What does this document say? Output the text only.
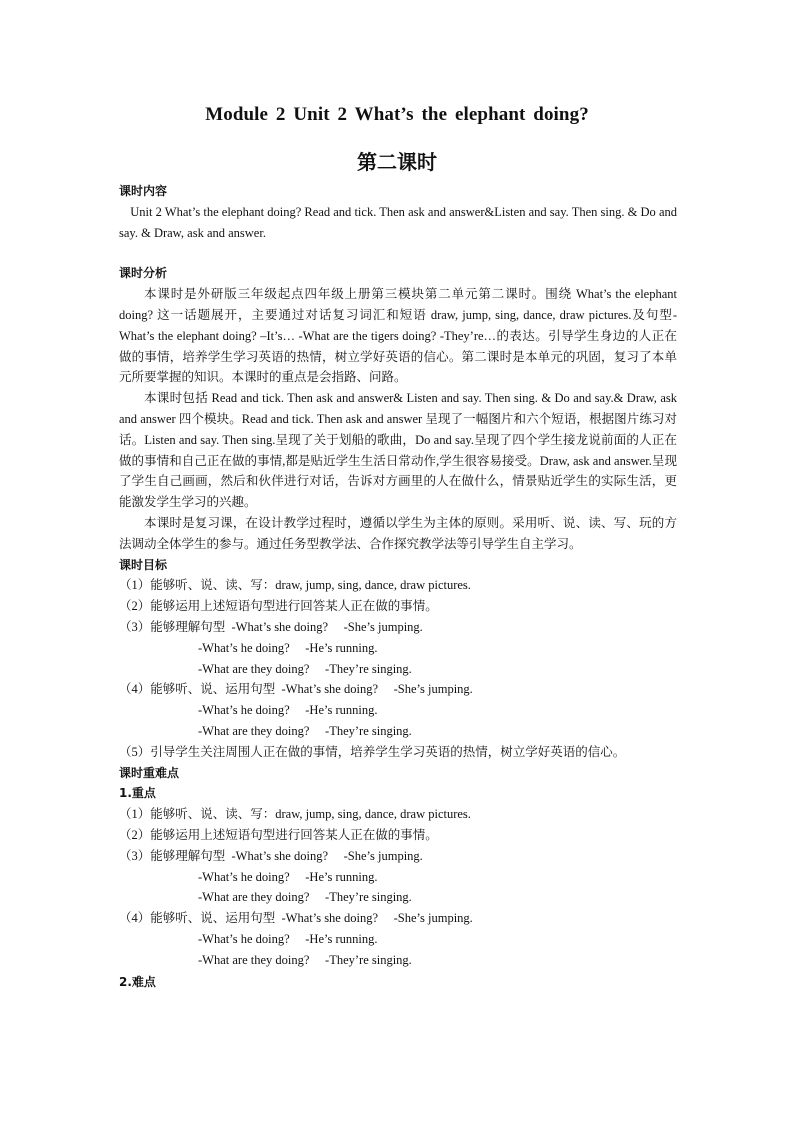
Module 2 Unit 2 What’s the elephant doing?
第二课时
课时内容
Unit 2 What’s the elephant doing? Read and tick. Then ask and answer&Listen and say. Then sing. & Do and say. & Draw, ask and answer.
课时分析
本课时是外研版三年级起点四年级上册第三模块第二单元第二课时。围绕 What’s the elephant doing? 这一话题展开，主要通过对话复习词汇和短语 draw, jump, sing, dance, draw pictures.及句型-What’s the elephant doing? –It’s… -What are the tigers doing? -They’re…的表达。引导学生身边的人正在做的事情，培养学生学习英语的热情，树立学好英语的信心。第二课时是本单元的巩固，复习了本单元所要掌握的知识。本课时的重点是会指路、问路。
本课时包括 Read and tick. Then ask and answer& Listen and say. Then sing. & Do and say.& Draw, ask and answer 四个模块。Read and tick. Then ask and answer 呈现了一幅图片和六个短语，根据图片练习对话。Listen and say. Then sing.呈现了关于划船的歌曲，Do and say.呈现了四个学生接龙说前面的人正在做的事情和自己正在做的事情,都是贴近学生生活日常动作,学生很容易接受。Draw, ask and answer.呈现了学生自己画画，然后和伙伴进行对话，告诉对方画里的人在做什么，情景贴近学生的实际生活，更能激发学生学习的兴趣。
本课时是复习课，在设计教学过程时，遵循以学生为主体的原则。采用听、说、读、写、玩的方法调动全体学生的参与。通过任务型教学法、合作探究教学法等引导学生自主学习。
课时目标
（1）能够听、说、读、写：draw, jump, sing, dance, draw pictures.
（2）能够运用上述短语句型进行回答某人正在做的事情。
（3）能够理解句型  -What’s she doing?     -She’s jumping.
-What’s he doing?     -He’s running.
-What are they doing?     -They’re singing.
（4）能够听、说、运用句型  -What’s she doing?     -She’s jumping.
-What’s he doing?     -He’s running.
-What are they doing?     -They’re singing.
（5）引导学生关注周围人正在做的事情，培养学生学习英语的热情，树立学好英语的信心。
课时重难点
1.重点
（1）能够听、说、读、写：draw, jump, sing, dance, draw pictures.
（2）能够运用上述短语句型进行回答某人正在做的事情。
（3）能够理解句型  -What’s she doing?     -She’s jumping.
-What’s he doing?     -He’s running.
-What are they doing?     -They’re singing.
（4）能够听、说、运用句型  -What’s she doing?     -She’s jumping.
-What’s he doing?     -He’s running.
-What are they doing?     -They’re singing.
2.难点
